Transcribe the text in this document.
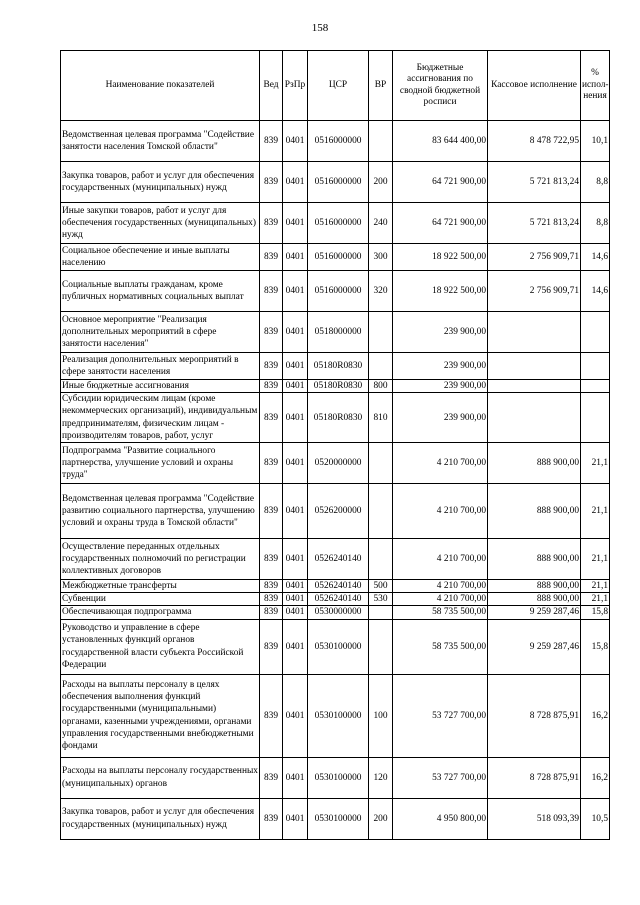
158
Наименование показателей	Вед	РзПр	ЦСР	ВР	Бюджетные ассигнования по сводной бюджетной росписи	Кассовое исполнение	% испол-нения
Ведомственная целевая программа "Содействие занятости населения Томской области"	839	0401	0516000000		83 644 400,00	8 478 722,95	10,1
Закупка товаров, работ и услуг для обеспечения государственных (муниципальных) нужд	839	0401	0516000000	200	64 721 900,00	5 721 813,24	8,8
Иные закупки товаров, работ и услуг для обеспечения государственных (муниципальных) нужд	839	0401	0516000000	240	64 721 900,00	5 721 813,24	8,8
Социальное обеспечение и иные выплаты населению	839	0401	0516000000	300	18 922 500,00	2 756 909,71	14,6
Социальные выплаты гражданам, кроме публичных нормативных социальных выплат	839	0401	0516000000	320	18 922 500,00	2 756 909,71	14,6
Основное мероприятие "Реализация дополнительных мероприятий в сфере занятости населения"	839	0401	0518000000		239 900,00		
Реализация дополнительных мероприятий в сфере занятости населения	839	0401	05180R0830		239 900,00		
Иные бюджетные ассигнования	839	0401	05180R0830	800	239 900,00		
Субсидии юридическим лицам (кроме некоммерческих организаций), индивидуальным предпринимателям, физическим лицам - производителям товаров, работ, услуг	839	0401	05180R0830	810	239 900,00		
Подпрограмма "Развитие социального партнерства, улучшение условий и охраны труда"	839	0401	0520000000		4 210 700,00	888 900,00	21,1
Ведомственная целевая программа "Содействие развитию социального партнерства, улучшению условий и охраны труда в Томской области"	839	0401	0526200000		4 210 700,00	888 900,00	21,1
Осуществление переданных отдельных государственных полномочий по регистрации коллективных договоров	839	0401	0526240140		4 210 700,00	888 900,00	21,1
Межбюджетные трансферты	839	0401	0526240140	500	4 210 700,00	888 900,00	21,1
Субвенции	839	0401	0526240140	530	4 210 700,00	888 900,00	21,1
Обеспечивающая подпрограмма	839	0401	0530000000		58 735 500,00	9 259 287,46	15,8
Руководство и управление в сфере установленных функций органов государственной власти субъекта Российской Федерации	839	0401	0530100000		58 735 500,00	9 259 287,46	15,8
Расходы на выплаты персоналу в целях обеспечения выполнения функций государственными (муниципальными) органами, казенными учреждениями, органами управления государственными внебюджетными фондами	839	0401	0530100000	100	53 727 700,00	8 728 875,91	16,2
Расходы на выплаты персоналу государственных (муниципальных) органов	839	0401	0530100000	120	53 727 700,00	8 728 875,91	16,2
Закупка товаров, работ и услуг для обеспечения государственных (муниципальных) нужд	839	0401	0530100000	200	4 950 800,00	518 093,39	10,5
